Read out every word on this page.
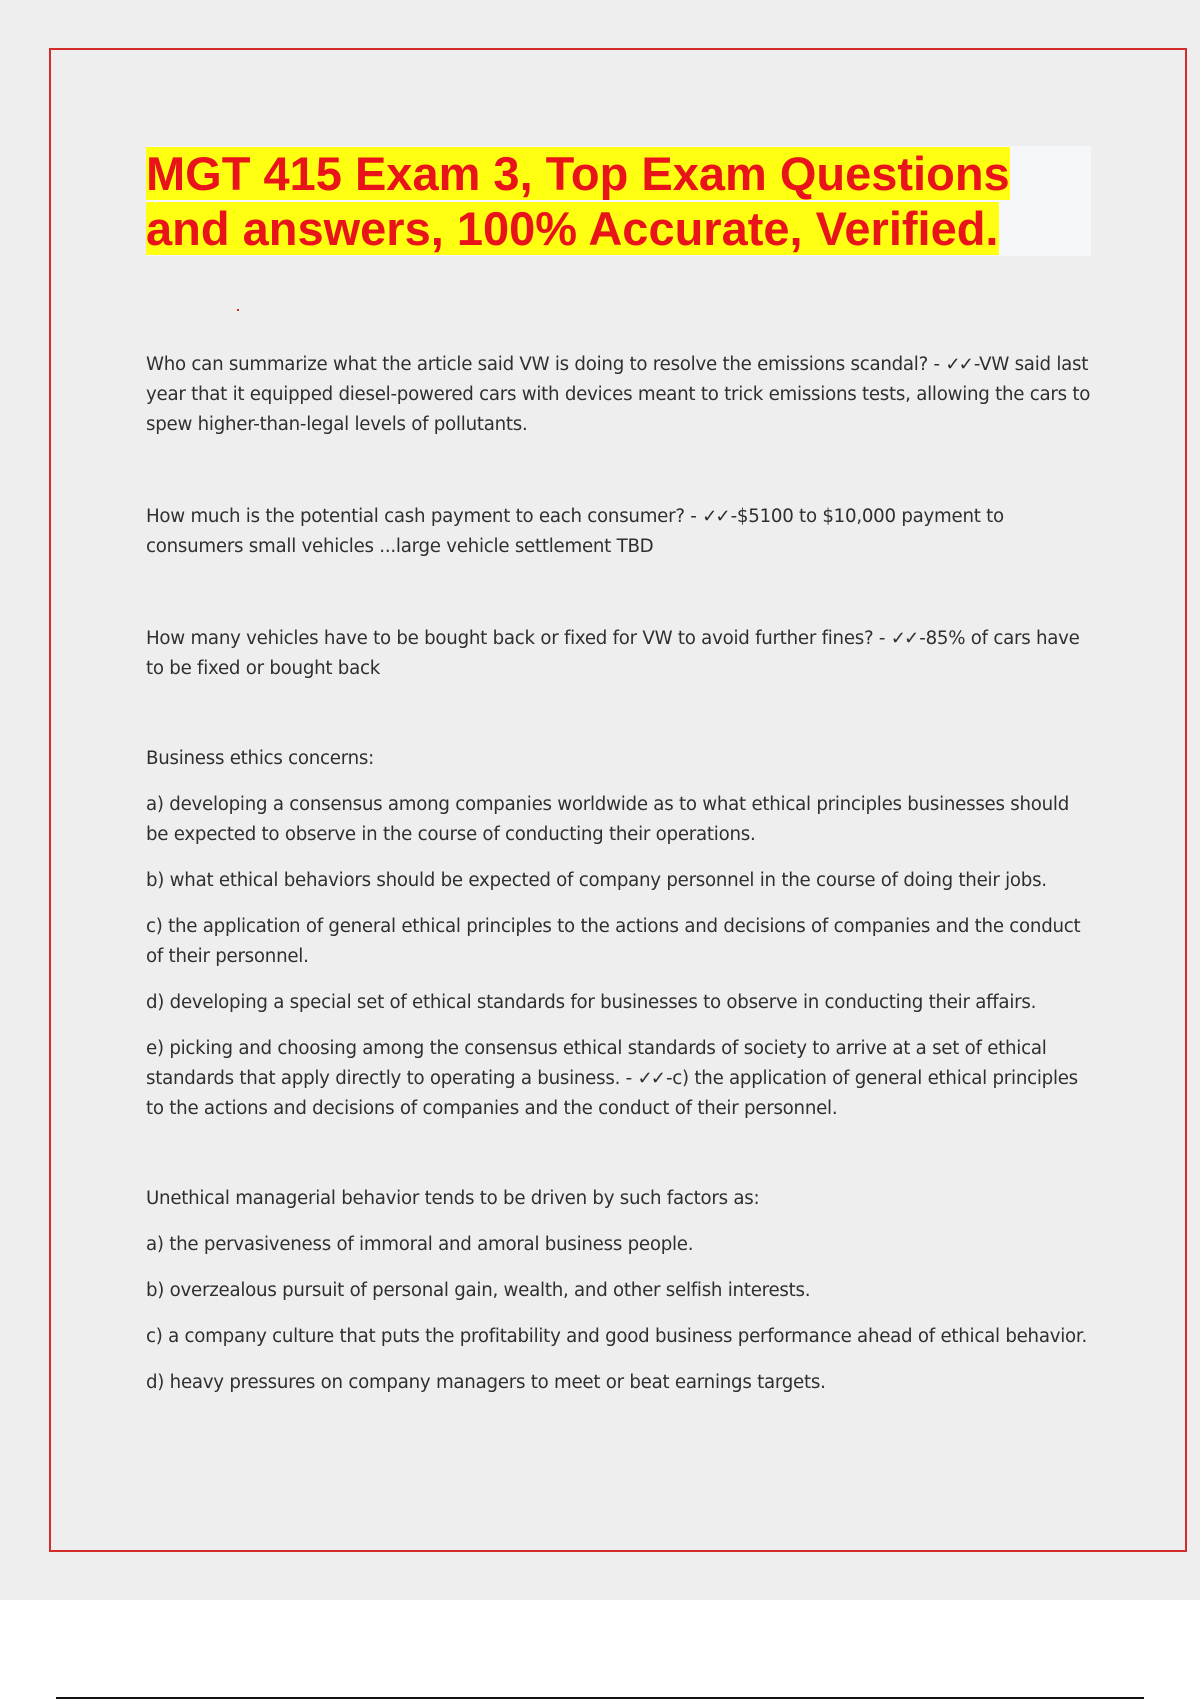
MGT 415 Exam 3, Top Exam Questions
and answers, 100% Accurate, Verified.

Who can summarize what the article said VW is doing to resolve the emissions scandal? - ✓✓ -VW said last year that it equipped diesel-powered cars with devices meant to trick emissions tests, allowing the cars to spew higher-than-legal levels of pollutants.

How much is the potential cash payment to each consumer? - ✓✓ -$5100 to $10,000 payment to consumers small vehicles ...large vehicle settlement TBD

How many vehicles have to be bought back or fixed for VW to avoid further fines? - ✓✓ -85% of cars have to be fixed or bought back

Business ethics concerns:

a) developing a consensus among companies worldwide as to what ethical principles businesses should be expected to observe in the course of conducting their operations.

b) what ethical behaviors should be expected of company personnel in the course of doing their jobs.

c) the application of general ethical principles to the actions and decisions of companies and the conduct of their personnel.

d) developing a special set of ethical standards for businesses to observe in conducting their affairs.

e) picking and choosing among the consensus ethical standards of society to arrive at a set of ethical standards that apply directly to operating a business. - ✓✓ -c) the application of general ethical principles to the actions and decisions of companies and the conduct of their personnel.

Unethical managerial behavior tends to be driven by such factors as:

a) the pervasiveness of immoral and amoral business people.

b) overzealous pursuit of personal gain, wealth, and other selfish interests.

c) a company culture that puts the profitability and good business performance ahead of ethical behavior.

d) heavy pressures on company managers to meet or beat earnings targets.
